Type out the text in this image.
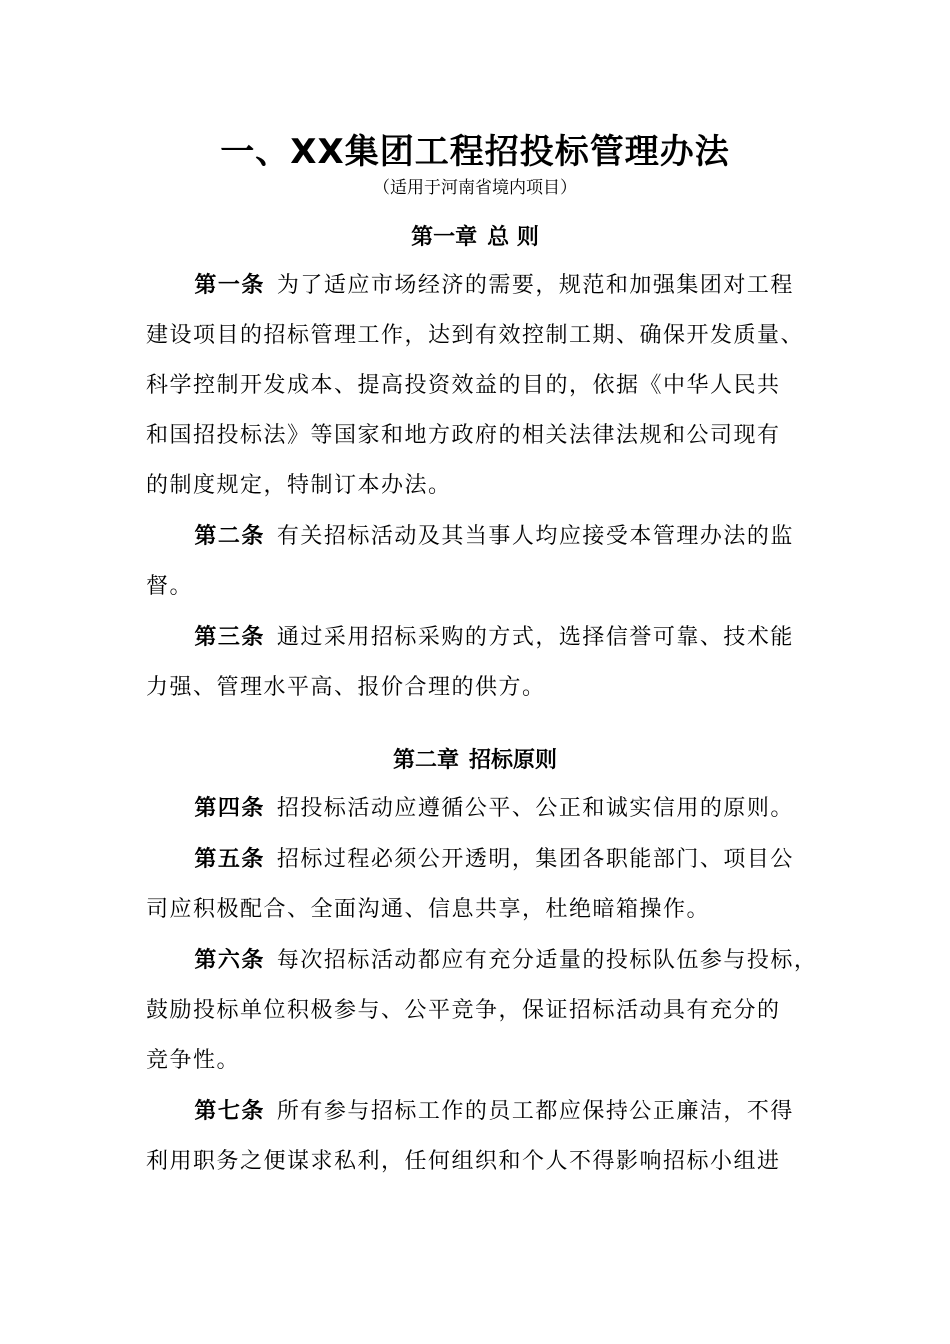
一、XX集团工程招投标管理办法
（适用于河南省境内项目）
第一章 总 则

第一条 为了适应市场经济的需要，规范和加强集团对工程

建设项目的招标管理工作，达到有效控制工期、确保开发质量、
科学控制开发成本、提高投资效益的目的，依据《中华人民共
和国招投标法》等国家和地方政府的相关法律法规和公司现有
的制度规定，特制订本办法。

第二条 有关招标活动及其当事人均应接受本管理办法的监

督。

第三条 通过采用招标采购的方式，选择信誉可靠、技术能

力强、管理水平高、报价合理的供方。

第二章 招标原则

第四条 招投标活动应遵循公平、公正和诚实信用的原则。

第五条 招标过程必须公开透明，集团各职能部门、项目公

司应积极配合、全面沟通、信息共享，杜绝暗箱操作。

第六条 每次招标活动都应有充分适量的投标队伍参与投标，

鼓励投标单位积极参与、公平竞争，保证招标活动具有充分的
竞争性。

第七条 所有参与招标工作的员工都应保持公正廉洁，不得

利用职务之便谋求私利，任何组织和个人不得影响招标小组进
